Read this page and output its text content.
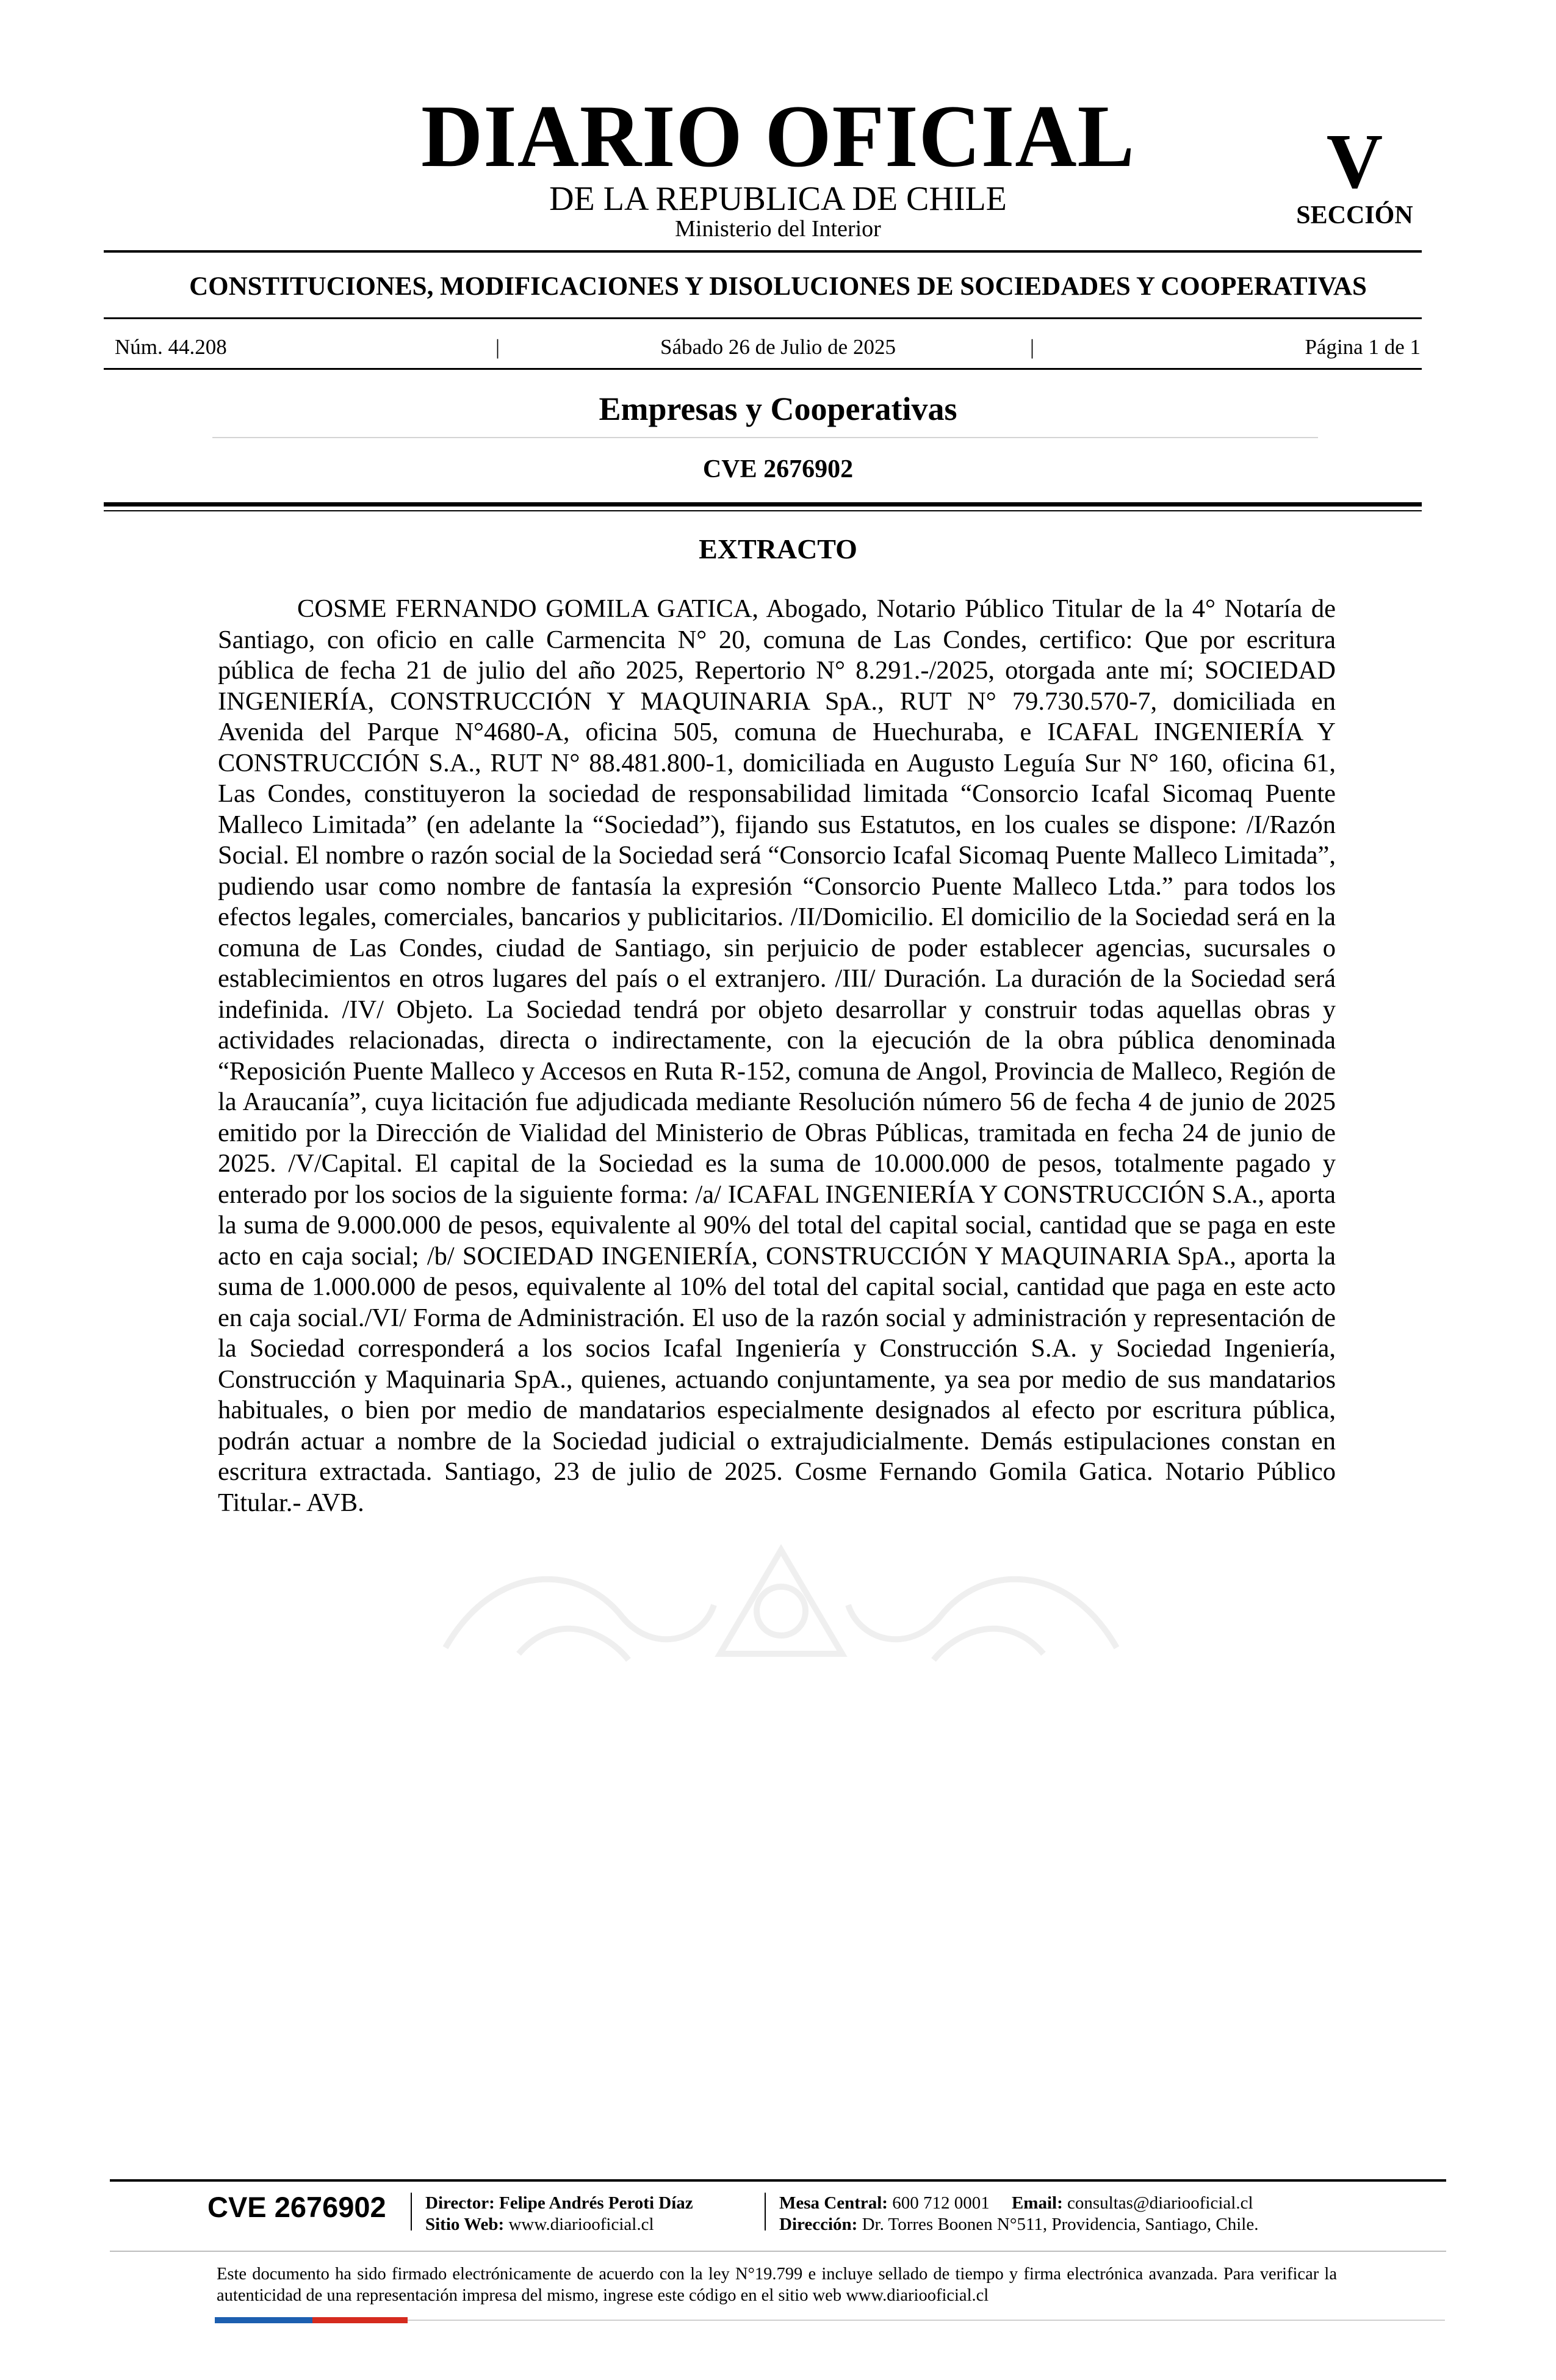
DIARIO OFICIAL
DE LA REPUBLICA DE CHILE
Ministerio del Interior
V
SECCIÓN
CONSTITUCIONES, MODIFICACIONES Y DISOLUCIONES DE SOCIEDADES Y COOPERATIVAS
Núm. 44.208	|	Sábado 26 de Julio de 2025	|	Página 1 de 1
Empresas y Cooperativas
CVE 2676902
EXTRACTO

COSME FERNANDO GOMILA GATICA, Abogado, Notario Público Titular de la 4° Notaría de Santiago, con oficio en calle Carmencita N° 20, comuna de Las Condes, certifico: Que por escritura pública de fecha 21 de julio del año 2025, Repertorio N° 8.291.-/2025, otorgada ante mí; SOCIEDAD INGENIERÍA, CONSTRUCCIÓN Y MAQUINARIA SpA., RUT N° 79.730.570-7, domiciliada en Avenida del Parque N°4680-A, oficina 505, comuna de Huechuraba, e ICAFAL INGENIERÍA Y CONSTRUCCIÓN S.A., RUT N° 88.481.800-1, domiciliada en Augusto Leguía Sur N° 160, oficina 61, Las Condes, constituyeron la sociedad de responsabilidad limitada “Consorcio Icafal Sicomaq Puente Malleco Limitada” (en adelante la “Sociedad”), fijando sus Estatutos, en los cuales se dispone: /I/Razón Social. El nombre o razón social de la Sociedad será “Consorcio Icafal Sicomaq Puente Malleco Limitada”, pudiendo usar como nombre de fantasía la expresión “Consorcio Puente Malleco Ltda.” para todos los efectos legales, comerciales, bancarios y publicitarios. /II/Domicilio. El domicilio de la Sociedad será en la comuna de Las Condes, ciudad de Santiago, sin perjuicio de poder establecer agencias, sucursales o establecimientos en otros lugares del país o el extranjero. /III/ Duración. La duración de la Sociedad será indefinida. /IV/ Objeto. La Sociedad tendrá por objeto desarrollar y construir todas aquellas obras y actividades relacionadas, directa o indirectamente, con la ejecución de la obra pública denominada “Reposición Puente Malleco y Accesos en Ruta R-152, comuna de Angol, Provincia de Malleco, Región de la Araucanía”, cuya licitación fue adjudicada mediante Resolución número 56 de fecha 4 de junio de 2025 emitido por la Dirección de Vialidad del Ministerio de Obras Públicas, tramitada en fecha 24 de junio de 2025. /V/Capital. El capital de la Sociedad es la suma de 10.000.000 de pesos, totalmente pagado y enterado por los socios de la siguiente forma: /a/ ICAFAL INGENIERÍA Y CONSTRUCCIÓN S.A., aporta la suma de 9.000.000 de pesos, equivalente al 90% del total del capital social, cantidad que se paga en este acto en caja social; /b/ SOCIEDAD INGENIERÍA, CONSTRUCCIÓN Y MAQUINARIA SpA., aporta la suma de 1.000.000 de pesos, equivalente al 10% del total del capital social, cantidad que paga en este acto en caja social./VI/ Forma de Administración. El uso de la razón social y administración y representación de la Sociedad corresponderá a los socios Icafal Ingeniería y Construcción S.A. y Sociedad Ingeniería, Construcción y Maquinaria SpA., quienes, actuando conjuntamente, ya sea por medio de sus mandatarios habituales, o bien por medio de mandatarios especialmente designados al efecto por escritura pública, podrán actuar a nombre de la Sociedad judicial o extrajudicialmente. Demás estipulaciones constan en escritura extractada. Santiago, 23 de julio de 2025. Cosme Fernando Gomila Gatica. Notario Público Titular.- AVB.

CVE 2676902 Director: Felipe Andrés Peroti Díaz
Sitio Web: www.diariooficial.cl
Mesa Central: 600 712 0001 Email: consultas@diariooficial.cl
Dirección: Dr. Torres Boonen N°511, Providencia, Santiago, Chile.

Este documento ha sido firmado electrónicamente de acuerdo con la ley N°19.799 e incluye sellado de tiempo y firma electrónica avanzada. Para verificar la autenticidad de una representación impresa del mismo, ingrese este código en el sitio web www.diariooficial.cl
